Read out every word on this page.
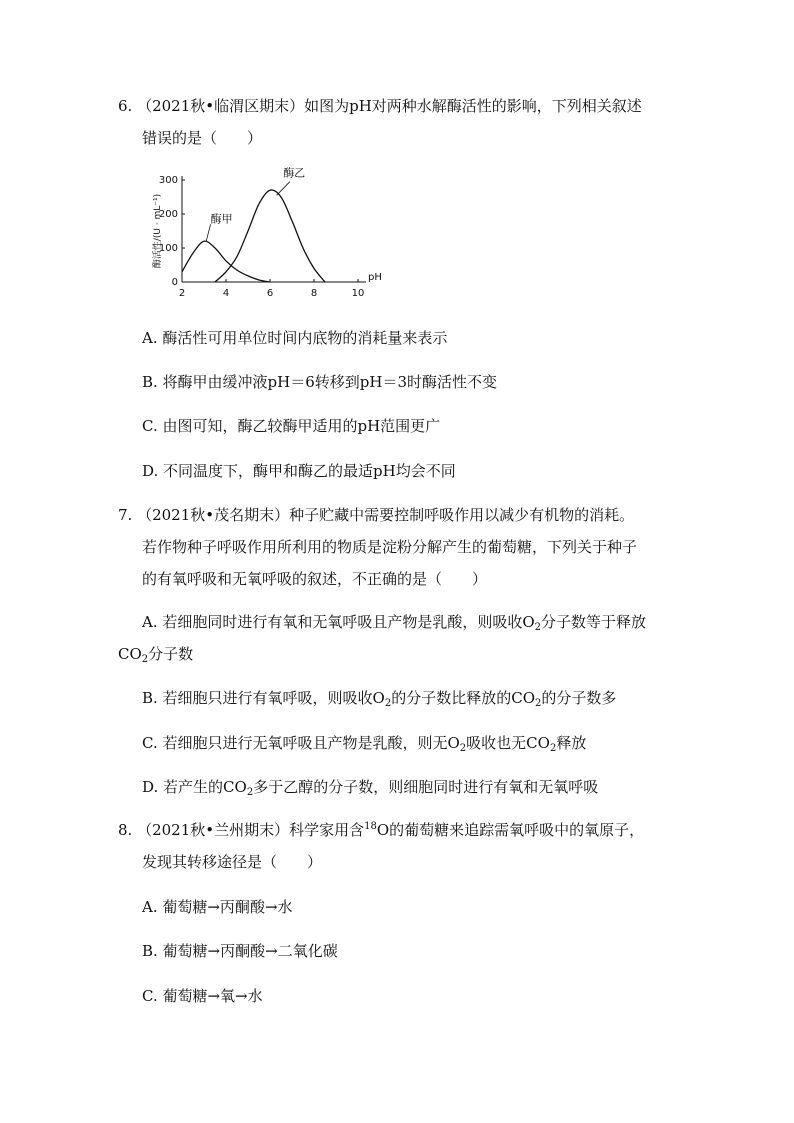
6. （2021秋•临渭区期末）如图为pH对两种水解酶活性的影响，下列相关叙述
错误的是（　　）
2	4	6	8	10
0
100
200
300
pH
酶活性/(U · mL⁻¹)	酶甲
酶乙
A. 酶活性可用单位时间内底物的消耗量来表示
B. 将酶甲由缓冲液pH＝6转移到pH＝3时酶活性不变
C. 由图可知，酶乙较酶甲适用的pH范围更广
D. 不同温度下，酶甲和酶乙的最适pH均会不同
7. （2021秋•茂名期末）种子贮藏中需要控制呼吸作用以减少有机物的消耗。
若作物种子呼吸作用所利用的物质是淀粉分解产生的葡萄糖，下列关于种子
的有氧呼吸和无氧呼吸的叙述，不正确的是（　　）
A. 若细胞同时进行有氧和无氧呼吸且产物是乳酸，则吸收$O_2$分子数等于释放
$CO_2$分子数
B. 若细胞只进行有氧呼吸，则吸收$O_2$的分子数比释放的$CO_2$的分子数多
C. 若细胞只进行无氧呼吸且产物是乳酸，则无$O_2$吸收也无$CO_2$释放
D. 若产生的$CO_2$多于乙醇的分子数，则细胞同时进行有氧和无氧呼吸
8. （2021秋•兰州期末）科学家用含$^{18}$O的葡萄糖来追踪需氧呼吸中的氧原子，
发现其转移途径是（　　）
A. 葡萄糖→丙酮酸→水
B. 葡萄糖→丙酮酸→二氧化碳
C. 葡萄糖→氧→水
